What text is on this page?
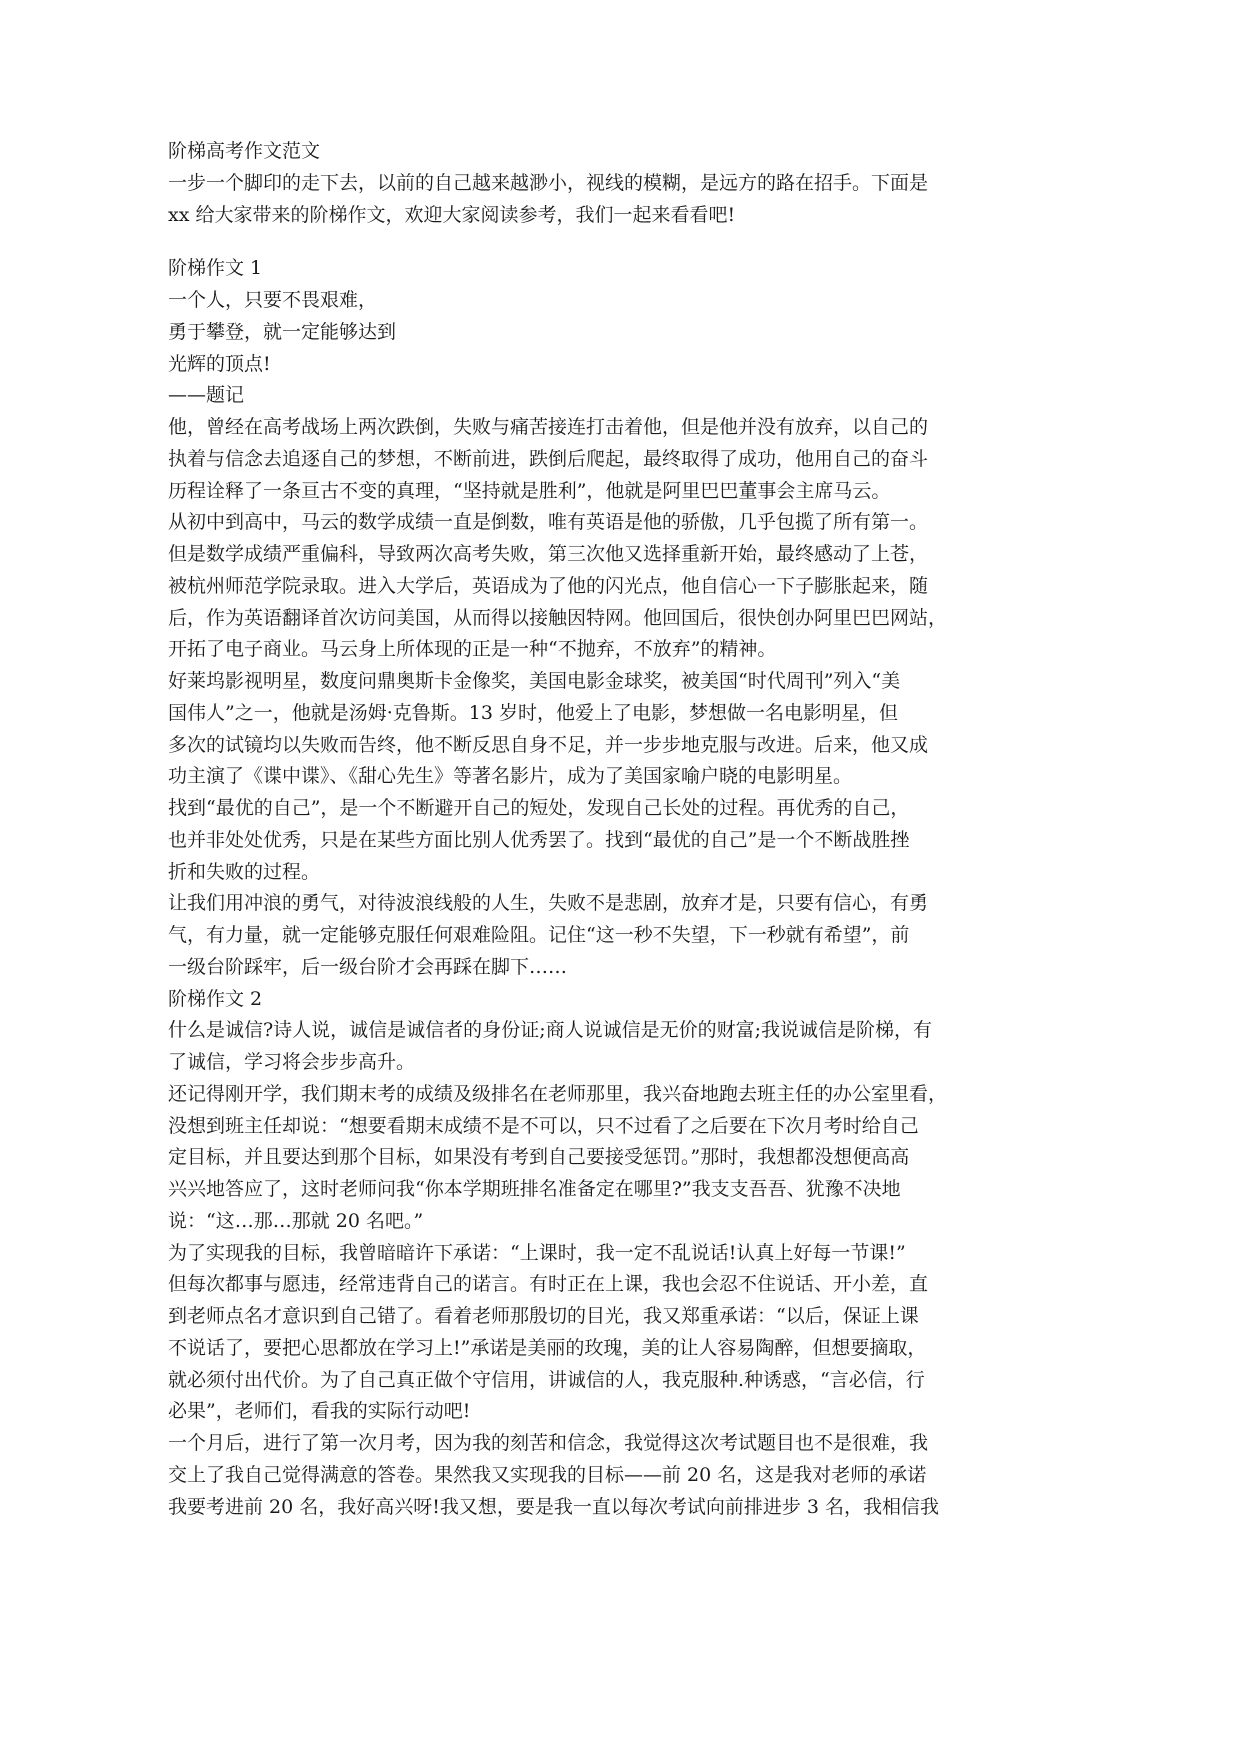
阶梯高考作文范文
一步一个脚印的走下去，以前的自己越来越渺小，视线的模糊，是远方的路在招手。下面是
xx 给大家带来的阶梯作文，欢迎大家阅读参考，我们一起来看看吧!
阶梯作文 1
一个人，只要不畏艰难，
勇于攀登，就一定能够达到
光辉的顶点!
——题记
他，曾经在高考战场上两次跌倒，失败与痛苦接连打击着他，但是他并没有放弃，以自己的
执着与信念去追逐自己的梦想，不断前进，跌倒后爬起，最终取得了成功，他用自己的奋斗
历程诠释了一条亘古不变的真理，“坚持就是胜利”，他就是阿里巴巴董事会主席马云。
从初中到高中，马云的数学成绩一直是倒数，唯有英语是他的骄傲，几乎包揽了所有第一。
但是数学成绩严重偏科，导致两次高考失败，第三次他又选择重新开始，最终感动了上苍，
被杭州师范学院录取。进入大学后，英语成为了他的闪光点，他自信心一下子膨胀起来，随
后，作为英语翻译首次访问美国，从而得以接触因特网。他回国后，很快创办阿里巴巴网站，
开拓了电子商业。马云身上所体现的正是一种“不抛弃，不放弃”的精神。
好莱坞影视明星，数度问鼎奥斯卡金像奖，美国电影金球奖，被美国“时代周刊”列入“美
国伟人”之一，他就是汤姆·克鲁斯。13 岁时，他爱上了电影，梦想做一名电影明星，但
多次的试镜均以失败而告终，他不断反思自身不足，并一步步地克服与改进。后来，他又成
功主演了《谍中谍》、《甜心先生》等著名影片，成为了美国家喻户晓的电影明星。
找到“最优的自己”，是一个不断避开自己的短处，发现自己长处的过程。再优秀的自己，
也并非处处优秀，只是在某些方面比别人优秀罢了。找到“最优的自己”是一个不断战胜挫
折和失败的过程。
让我们用冲浪的勇气，对待波浪线般的人生，失败不是悲剧，放弃才是，只要有信心，有勇
气，有力量，就一定能够克服任何艰难险阻。记住“这一秒不失望，下一秒就有希望”，前
一级台阶踩牢，后一级台阶才会再踩在脚下……
阶梯作文 2
什么是诚信?诗人说，诚信是诚信者的身份证;商人说诚信是无价的财富;我说诚信是阶梯，有
了诚信，学习将会步步高升。
还记得刚开学，我们期末考的成绩及级排名在老师那里，我兴奋地跑去班主任的办公室里看，
没想到班主任却说：“想要看期末成绩不是不可以，只不过看了之后要在下次月考时给自己
定目标，并且要达到那个目标，如果没有考到自己要接受惩罚。”那时，我想都没想便高高
兴兴地答应了，这时老师问我“你本学期班排名准备定在哪里?”我支支吾吾、犹豫不决地
说：“这…那…那就 20 名吧。”
为了实现我的目标，我曾暗暗许下承诺：“上课时，我一定不乱说话!认真上好每一节课!”
但每次都事与愿违，经常违背自己的诺言。有时正在上课，我也会忍不住说话、开小差，直
到老师点名才意识到自己错了。看着老师那殷切的目光，我又郑重承诺：“以后，保证上课
不说话了，要把心思都放在学习上!”承诺是美丽的玫瑰，美的让人容易陶醉，但想要摘取，
就必须付出代价。为了自己真正做个守信用，讲诚信的人，我克服种.种诱惑，“言必信，行
必果”，老师们，看我的实际行动吧!
一个月后，进行了第一次月考，因为我的刻苦和信念，我觉得这次考试题目也不是很难，我
交上了我自己觉得满意的答卷。果然我又实现我的目标——前 20 名，这是我对老师的承诺
我要考进前 20 名，我好高兴呀!我又想，要是我一直以每次考试向前排进步 3 名，我相信我
